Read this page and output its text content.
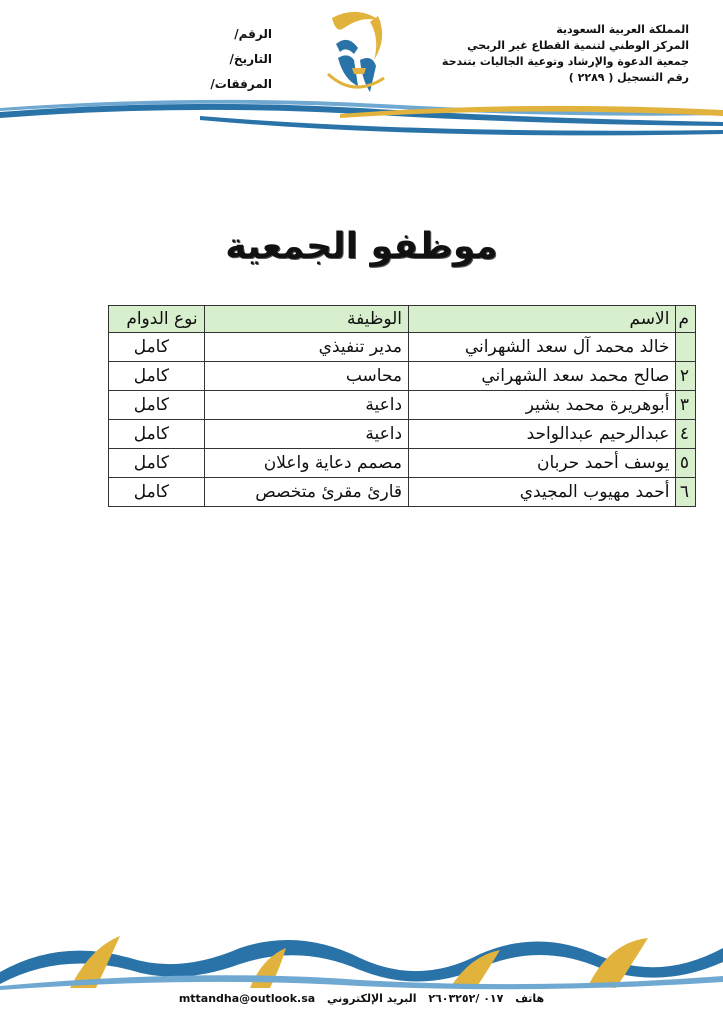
المملكة العربية السعودية
المركز الوطني لتنمية القطاع غير الربحي
جمعية الدعوة والإرشاد وتوعية الجاليات بتندحة
رقم التسجيل ( ٢٢٨٩ )
الرقم/
التاريخ/
المرفقات/
موظفو الجمعية
م	الاسم	الوظيفة	نوع الدوام
	خالد محمد آل سعد الشهراني	مدير تنفيذي	كامل
٢	صالح محمد سعد الشهراني	محاسب	كامل
٣	أبوهريرة محمد بشير	داعية	كامل
٤	عبدالرحيم عبدالواحد	داعية	كامل
٥	يوسف أحمد حربان	مصمم دعاية واعلان	كامل
٦	أحمد مهيوب المجيدي	قارئ مقرئ متخصص	كامل
هاتف ٠١٧ /٢٦٠٣٢٥٢ البريد الإلكتروني mttandha@outlook.sa
